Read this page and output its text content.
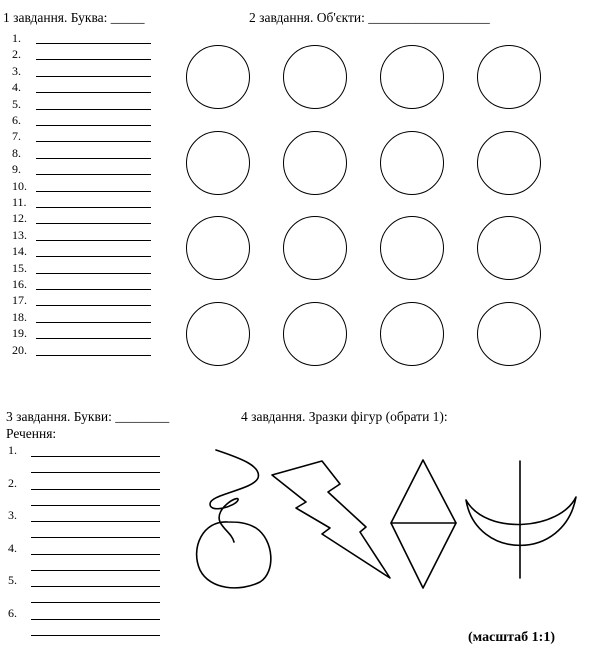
1 завдання. Буква: _____	2 завдання. Об'єкти: __________________
1.
2.
3.
4.
5.
6.
7.
8.
9.
10.
11.
12.
13.
14.
15.
16.
17.
18.
19.
20.
3 завдання. Букви: ________
Речення:
1.
2.
3.
4.
5.
6.
4 завдання. Зразки фігур (обрати 1):
(масштаб 1:1)
